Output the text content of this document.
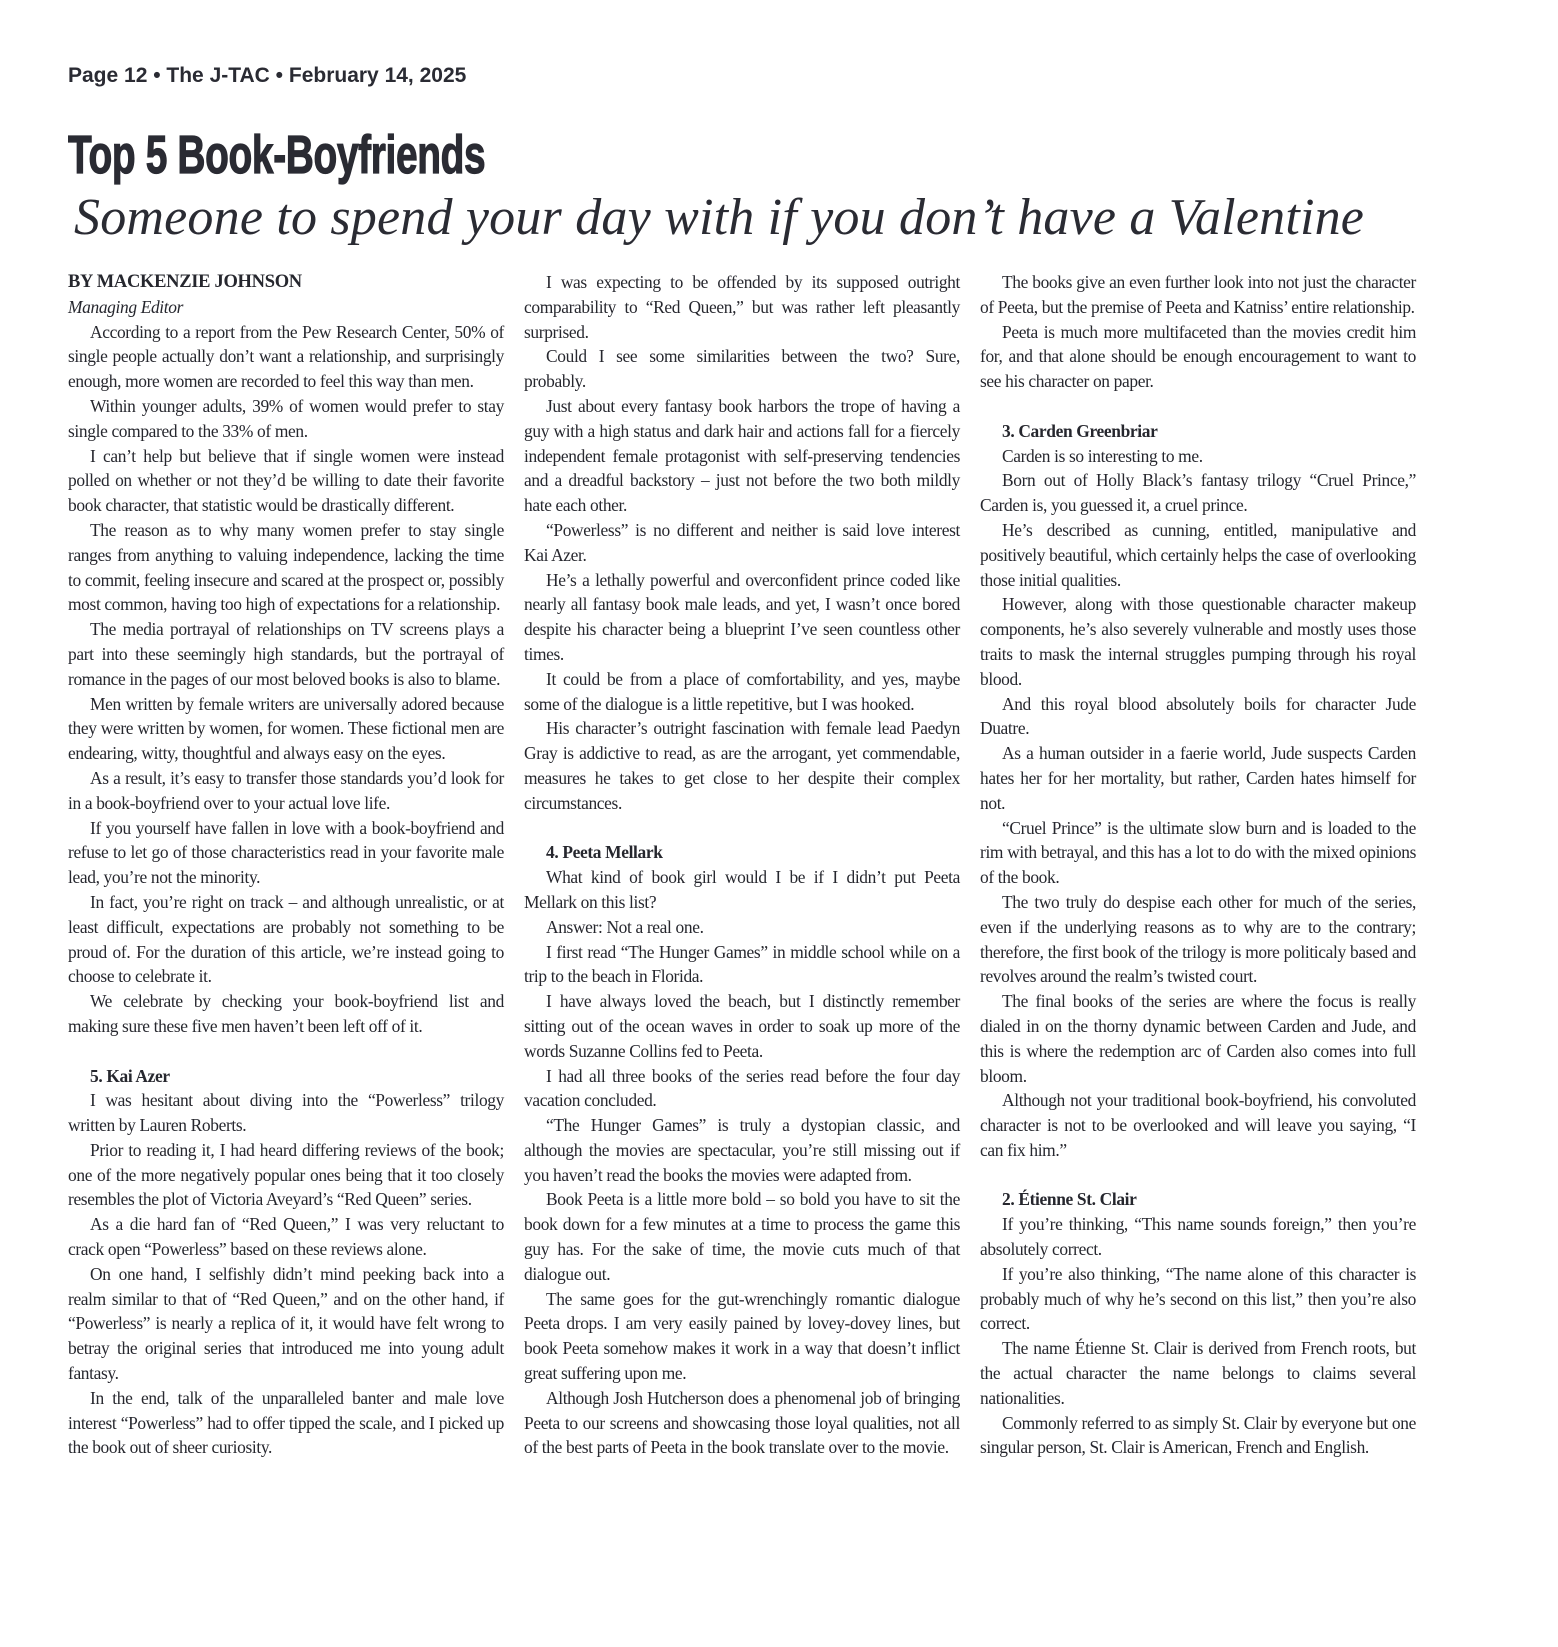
Page 12 • The J-TAC • February 14, 2025
Top 5 Book-Boyfriends
Someone to spend your day with if you don’t have a Valentine

BY MACKENZIE JOHNSON

Managing Editor

According to a report from the Pew Research Center, 50% of single people actually don’t want a relationship, and surprisingly enough, more women are recorded to feel this way than men.

Within younger adults, 39% of women would prefer to stay single compared to the 33% of men.

I can’t help but believe that if single women were instead polled on whether or not they’d be willing to date their favorite book character, that statistic would be drastically different.

The reason as to why many women prefer to stay single ranges from anything to valuing independence, lacking the time to commit, feeling insecure and scared at the prospect or, possibly most common, having too high of expectations for a relationship.

The media portrayal of relationships on TV screens plays a part into these seemingly high standards, but the portrayal of romance in the pages of our most beloved books is also to blame.

Men written by female writers are universally adored because they were written by women, for women. These fictional men are endearing, witty, thoughtful and always easy on the eyes.

As a result, it’s easy to transfer those standards you’d look for in a book-boyfriend over to your actual love life.

If you yourself have fallen in love with a book-boyfriend and refuse to let go of those characteristics read in your favorite male lead, you’re not the minority.

In fact, you’re right on track – and although unrealistic, or at least difficult, expectations are probably not something to be proud of. For the duration of this article, we’re instead going to choose to celebrate it.

We celebrate by checking your book-boyfriend list and making sure these five men haven’t been left off of it.

5. Kai Azer

I was hesitant about diving into the “Powerless” trilogy written by Lauren Roberts.

Prior to reading it, I had heard differing reviews of the book; one of the more negatively popular ones being that it too closely resembles the plot of Victoria Aveyard’s “Red Queen” series.

As a die hard fan of “Red Queen,” I was very reluctant to crack open “Powerless” based on these reviews alone.

On one hand, I selfishly didn’t mind peeking back into a realm similar to that of “Red Queen,” and on the other hand, if “Powerless” is nearly a replica of it, it would have felt wrong to betray the original series that introduced me into young adult fantasy.

In the end, talk of the unparalleled banter and male love interest “Powerless” had to offer tipped the scale, and I picked up the book out of sheer curiosity.

I was expecting to be offended by its supposed outright comparability to “Red Queen,” but was rather left pleasantly surprised.

Could I see some similarities between the two? Sure, probably.

Just about every fantasy book harbors the trope of having a guy with a high status and dark hair and actions fall for a fiercely independent female protagonist with self-preserving tendencies and a dreadful backstory – just not before the two both mildly hate each other.

“Powerless” is no different and neither is said love interest Kai Azer.

He’s a lethally powerful and overconfident prince coded like nearly all fantasy book male leads, and yet, I wasn’t once bored despite his character being a blueprint I’ve seen countless other times.

It could be from a place of comfortability, and yes, maybe some of the dialogue is a little repetitive, but I was hooked.

His character’s outright fascination with female lead Paedyn Gray is addictive to read, as are the arrogant, yet commendable, measures he takes to get close to her despite their complex circumstances.

4. Peeta Mellark

What kind of book girl would I be if I didn’t put Peeta Mellark on this list?

Answer: Not a real one.

I first read “The Hunger Games” in middle school while on a trip to the beach in Florida.

I have always loved the beach, but I distinctly remember sitting out of the ocean waves in order to soak up more of the words Suzanne Collins fed to Peeta.

I had all three books of the series read before the four day vacation concluded.

“The Hunger Games” is truly a dystopian classic, and although the movies are spectacular, you’re still missing out if you haven’t read the books the movies were adapted from.

Book Peeta is a little more bold – so bold you have to sit the book down for a few minutes at a time to process the game this guy has. For the sake of time, the movie cuts much of that dialogue out.

The same goes for the gut-wrenchingly romantic dialogue Peeta drops. I am very easily pained by lovey-dovey lines, but book Peeta somehow makes it work in a way that doesn’t inflict great suffering upon me.

Although Josh Hutcherson does a phenomenal job of bringing Peeta to our screens and showcasing those loyal qualities, not all of the best parts of Peeta in the book translate over to the movie.

The books give an even further look into not just the character of Peeta, but the premise of Peeta and Katniss’ entire relationship.

Peeta is much more multifaceted than the movies credit him for, and that alone should be enough encouragement to want to see his character on paper.

3. Carden Greenbriar

Carden is so interesting to me.

Born out of Holly Black’s fantasy trilogy “Cruel Prince,” Carden is, you guessed it, a cruel prince.

He’s described as cunning, entitled, manipulative and positively beautiful, which certainly helps the case of overlooking those initial qualities.

However, along with those questionable character makeup components, he’s also severely vulnerable and mostly uses those traits to mask the internal struggles pumping through his royal blood.

And this royal blood absolutely boils for character Jude Duatre.

As a human outsider in a faerie world, Jude suspects Carden hates her for her mortality, but rather, Carden hates himself for not.

“Cruel Prince” is the ultimate slow burn and is loaded to the rim with betrayal, and this has a lot to do with the mixed opinions of the book.

The two truly do despise each other for much of the series, even if the underlying reasons as to why are to the contrary; therefore, the first book of the trilogy is more politicaly based and revolves around the realm’s twisted court.

The final books of the series are where the focus is really dialed in on the thorny dynamic between Carden and Jude, and this is where the redemption arc of Carden also comes into full bloom.

Although not your traditional book-boyfriend, his convoluted character is not to be overlooked and will leave you saying, “I can fix him.”

2. Étienne St. Clair

If you’re thinking, “This name sounds foreign,” then you’re absolutely correct.

If you’re also thinking, “The name alone of this character is probably much of why he’s second on this list,” then you’re also correct.

The name Étienne St. Clair is derived from French roots, but the actual character the name belongs to claims several nationalities.

Commonly referred to as simply St. Clair by everyone but one singular person, St. Clair is American, French and English.
